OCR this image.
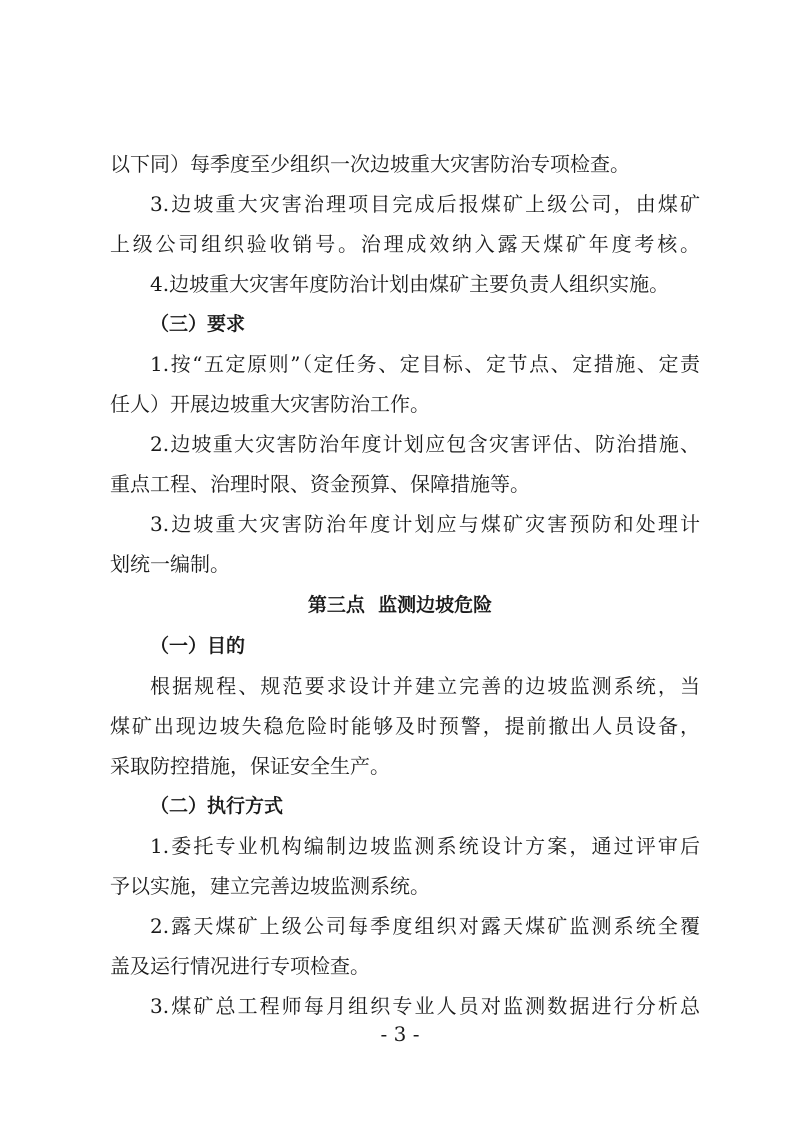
以下同）每季度至少组织一次边坡重大灾害防治专项检查。
3.边坡重大灾害治理项目完成后报煤矿上级公司，由煤矿
上级公司组织验收销号。治理成效纳入露天煤矿年度考核。
4.边坡重大灾害年度防治计划由煤矿主要负责人组织实施。
（三）要求
1.按“五定原则”（定任务、定目标、定节点、定措施、定责
任人）开展边坡重大灾害防治工作。
2.边坡重大灾害防治年度计划应包含灾害评估、防治措施、
重点工程、治理时限、资金预算、保障措施等。
3.边坡重大灾害防治年度计划应与煤矿灾害预防和处理计
划统一编制。
第三点  监测边坡危险
（一）目的
根据规程、规范要求设计并建立完善的边坡监测系统，当
煤矿出现边坡失稳危险时能够及时预警，提前撤出人员设备，
采取防控措施，保证安全生产。
（二）执行方式
1.委托专业机构编制边坡监测系统设计方案，通过评审后
予以实施，建立完善边坡监测系统。
2.露天煤矿上级公司每季度组织对露天煤矿监测系统全覆
盖及运行情况进行专项检查。
3.煤矿总工程师每月组织专业人员对监测数据进行分析总
- 3 -
